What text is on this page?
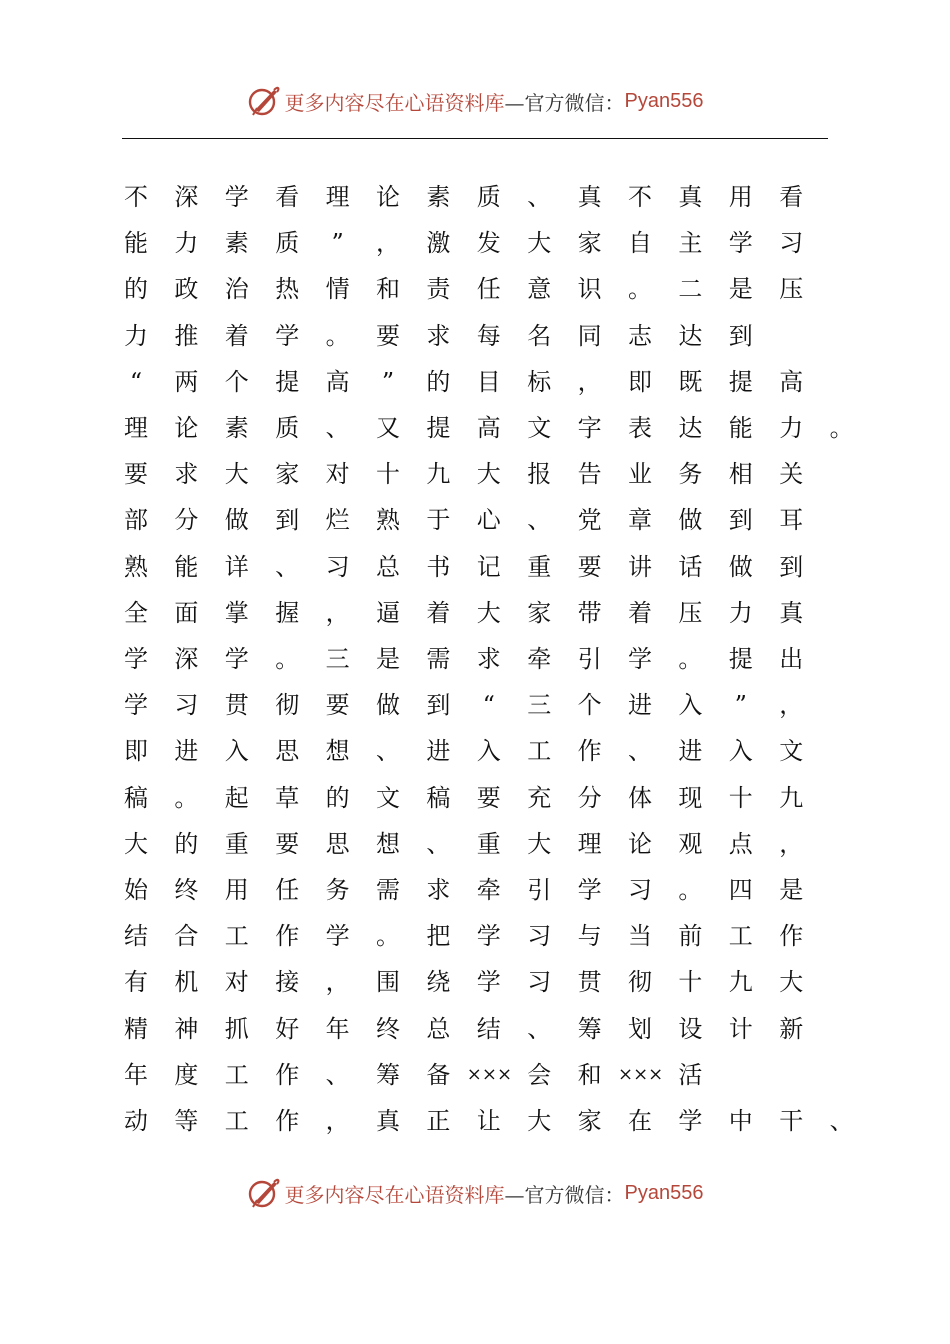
更多内容尽在心语资料库 —官方微信： Pyan556
不 深 学 看 理 论 素 质 、 真 不 真 用 看
能 力 素 质	”	， 激 发 大 家 自 主 学 习
的 政 治 热 情 和 责 任 意 识 。 二 是 压
力 推 着 学 。 要 求 每 名 同 志 达 到
“	两 个 提 高	”	的 目 标 ， 即 既 提 高
理 论 素 质 、 又 提 高 文 字 表 达 能 力 。
要 求 大 家 对 十 九 大 报 告 业 务 相 关
部 分 做 到 烂 熟 于 心 、 党 章 做 到 耳
熟 能 详 、 习 总 书 记 重 要 讲 话 做 到
全 面 掌 握 ， 逼 着 大 家 带 着 压 力 真
学 深 学 。 三 是 需 求 牵 引 学 。 提 出
学 习 贯 彻 要 做 到	“	三 个 进 入	”	，
即 进 入 思 想 、 进 入 工 作 、 进 入 文
稿 。 起 草 的 文 稿 要 充 分 体 现 十 九
大 的 重 要 思 想 、 重 大 理 论 观 点 ，
始 终 用 任 务 需 求 牵 引 学 习 。 四 是
结 合 工 作 学 。 把 学 习 与 当 前 工 作
有 机 对 接 ， 围 绕 学 习 贯 彻 十 九 大
精 神 抓 好 年 终 总 结 、 筹 划 设 计 新
年 度 工 作 、 筹 备 ××× 会 和 ××× 活
动 等 工 作 ， 真 正 让 大 家 在 学 中 干 、
更多内容尽在心语资料库 —官方微信： Pyan556
